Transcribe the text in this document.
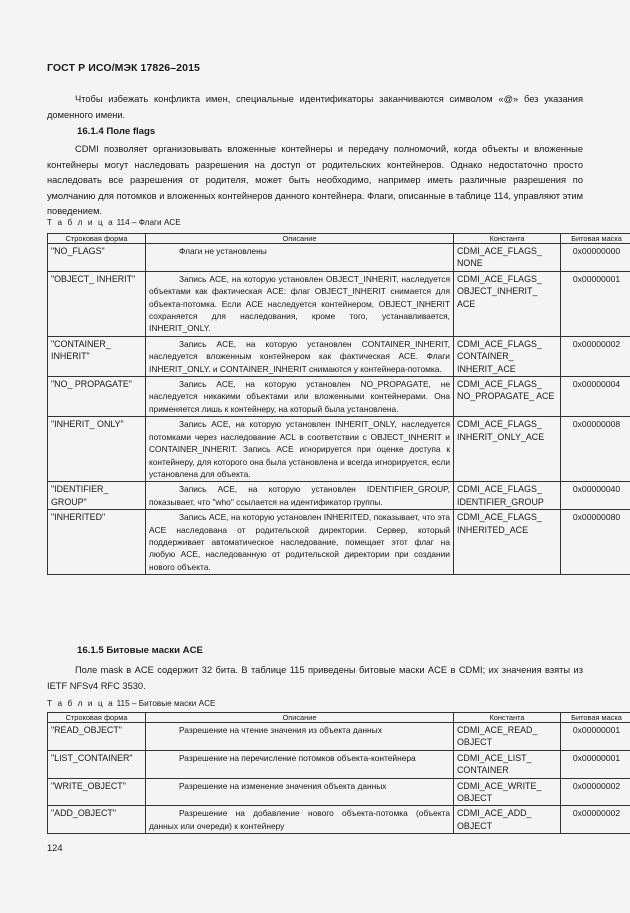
ГОСТ Р ИСО/МЭК 17826–2015
Чтобы избежать конфликта имен, специальные идентификаторы заканчиваются символом «@» без указания доменного имени.
16.1.4 Поле flags
CDMI позволяет организовывать вложенные контейнеры и передачу полномочий, когда объекты и вложенные контейнеры могут наследовать разрешения на доступ от родительских контейнеров. Однако недостаточно просто наследовать все разрешения от родителя, может быть необходимо, например иметь различные разрешения по умолчанию для потомков и вложенных контейнеров данного контейнера. Флаги, описанные в таблице 114, управляют этим поведением.
Т а б л и ц а 114 – Флаги ACE
Строковая форма	Описание	Константа	Битовая маска
"NO_FLAGS"	Флаги не установлены	CDMI_ACE_FLAGS_ NONE	0x00000000
"OBJECT_ INHERIT"	Запись ACE, на которую установлен OBJECT_INHERIT, наследуется объектами как фактическая ACE: флаг OBJECT_INHERIT снимается для объекта-потомка. Если ACE наследуется контейнером, OBJECT_INHERIT сохраняется для наследования, кроме того, устанавливается, INHERIT_ONLY.	CDMI_ACE_FLAGS_ OBJECT_INHERIT_ ACE	0x00000001
"CONTAINER_ INHERIT"	Запись ACE, на которую установлен CONTAINER_INHERIT, наследуется вложенным контейнером как фактическая ACE. Флаги INHERIT_ONLY. и CONTAINER_INHERIT снимаются у контейнера-потомка.	CDMI_ACE_FLAGS_ CONTAINER_ INHERIT_ACE	0x00000002
"NO_ PROPAGATE"	Запись ACE, на которую установлен NO_PROPAGATE, не наследуется никакими объектами или вложенными контейнерами. Она применяется лишь к контейнеру, на который была установлена.	CDMI_ACE_FLAGS_ NO_PROPAGATE_ ACE	0x00000004
"INHERIT_ ONLY"	Запись ACE, на которую установлен INHERIT_ONLY, наследуется потомками через наследование ACL в соответствии с OBJECT_INHERIT и CONTAINER_INHERIT. Запись ACE игнорируется при оценке доступа к контейнеру, для которого она была установлена и всегда игнорируется, если установлена для объекта.	CDMI_ACE_FLAGS_ INHERIT_ONLY_ACE	0x00000008
"IDENTIFIER_ GROUP"	Запись ACE, на которую установлен IDENTIFIER_GROUP, показывает, что "who" ссылается на идентификатор группы.	CDMI_ACE_FLAGS_ IDENTIFIER_GROUP	0x00000040
"INHERITED"	Запись ACE, на которую установлен INHERITED, показывает, что эта ACE наследована от родительской директории. Сервер, который поддерживает автоматическое наследование, помещает этот флаг на любую ACE, наследованную от родительской директории при создании нового объекта.	CDMI_ACE_FLAGS_ INHERITED_ACE	0x00000080
16.1.5 Битовые маски ACE
Поле mask в ACE содержит 32 бита. В таблице 115 приведены битовые маски ACE в CDMI; их значения взяты из IETF NFSv4 RFC 3530.
Т а б л и ц а 115 – Битовые маски ACE
Строковая форма	Описание	Константа	Битовая маска
"READ_OBJECT"	Разрешение на чтение значения из объекта данных	CDMI_ACE_READ_ OBJECT	0x00000001
"LIST_CONTAINER"	Разрешение на перечисление потомков объекта-контейнера	CDMI_ACE_LIST_ CONTAINER	0x00000001
"WRITE_OBJECT"	Разрешение на изменение значения объекта данных	CDMI_ACE_WRITE_ OBJECT	0x00000002
"ADD_OBJECT"	Разрешение на добавление нового объекта-потомка (объекта данных или очереди) к контейнеру	CDMI_ACE_ADD_ OBJECT	0x00000002
124
